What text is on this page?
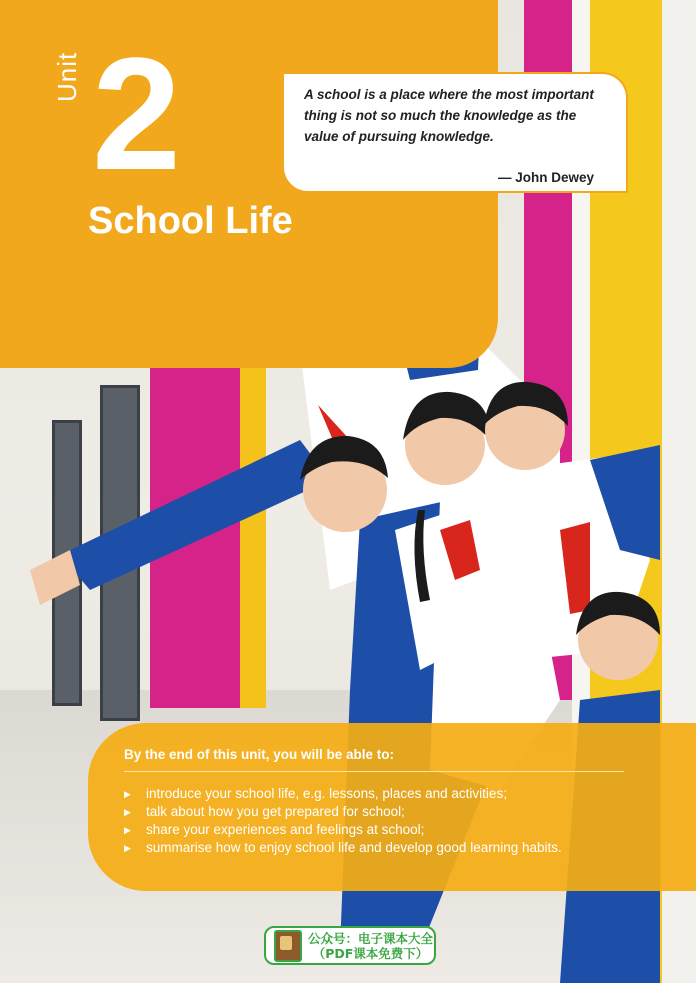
Unit 2
School Life

A school is a place where the most important thing is not so much the knowledge as the value of pursuing knowledge.

— John Dewey

By the end of this unit, you will be able to:

▶	introduce your school life, e.g. lessons, places and activities;
▶	talk about how you get prepared for school;
▶	share your experiences and feelings at school;
▶	summarise how to enjoy school life and develop good learning habits.
公众号：电子课本大全
（PDF课本免费下）
